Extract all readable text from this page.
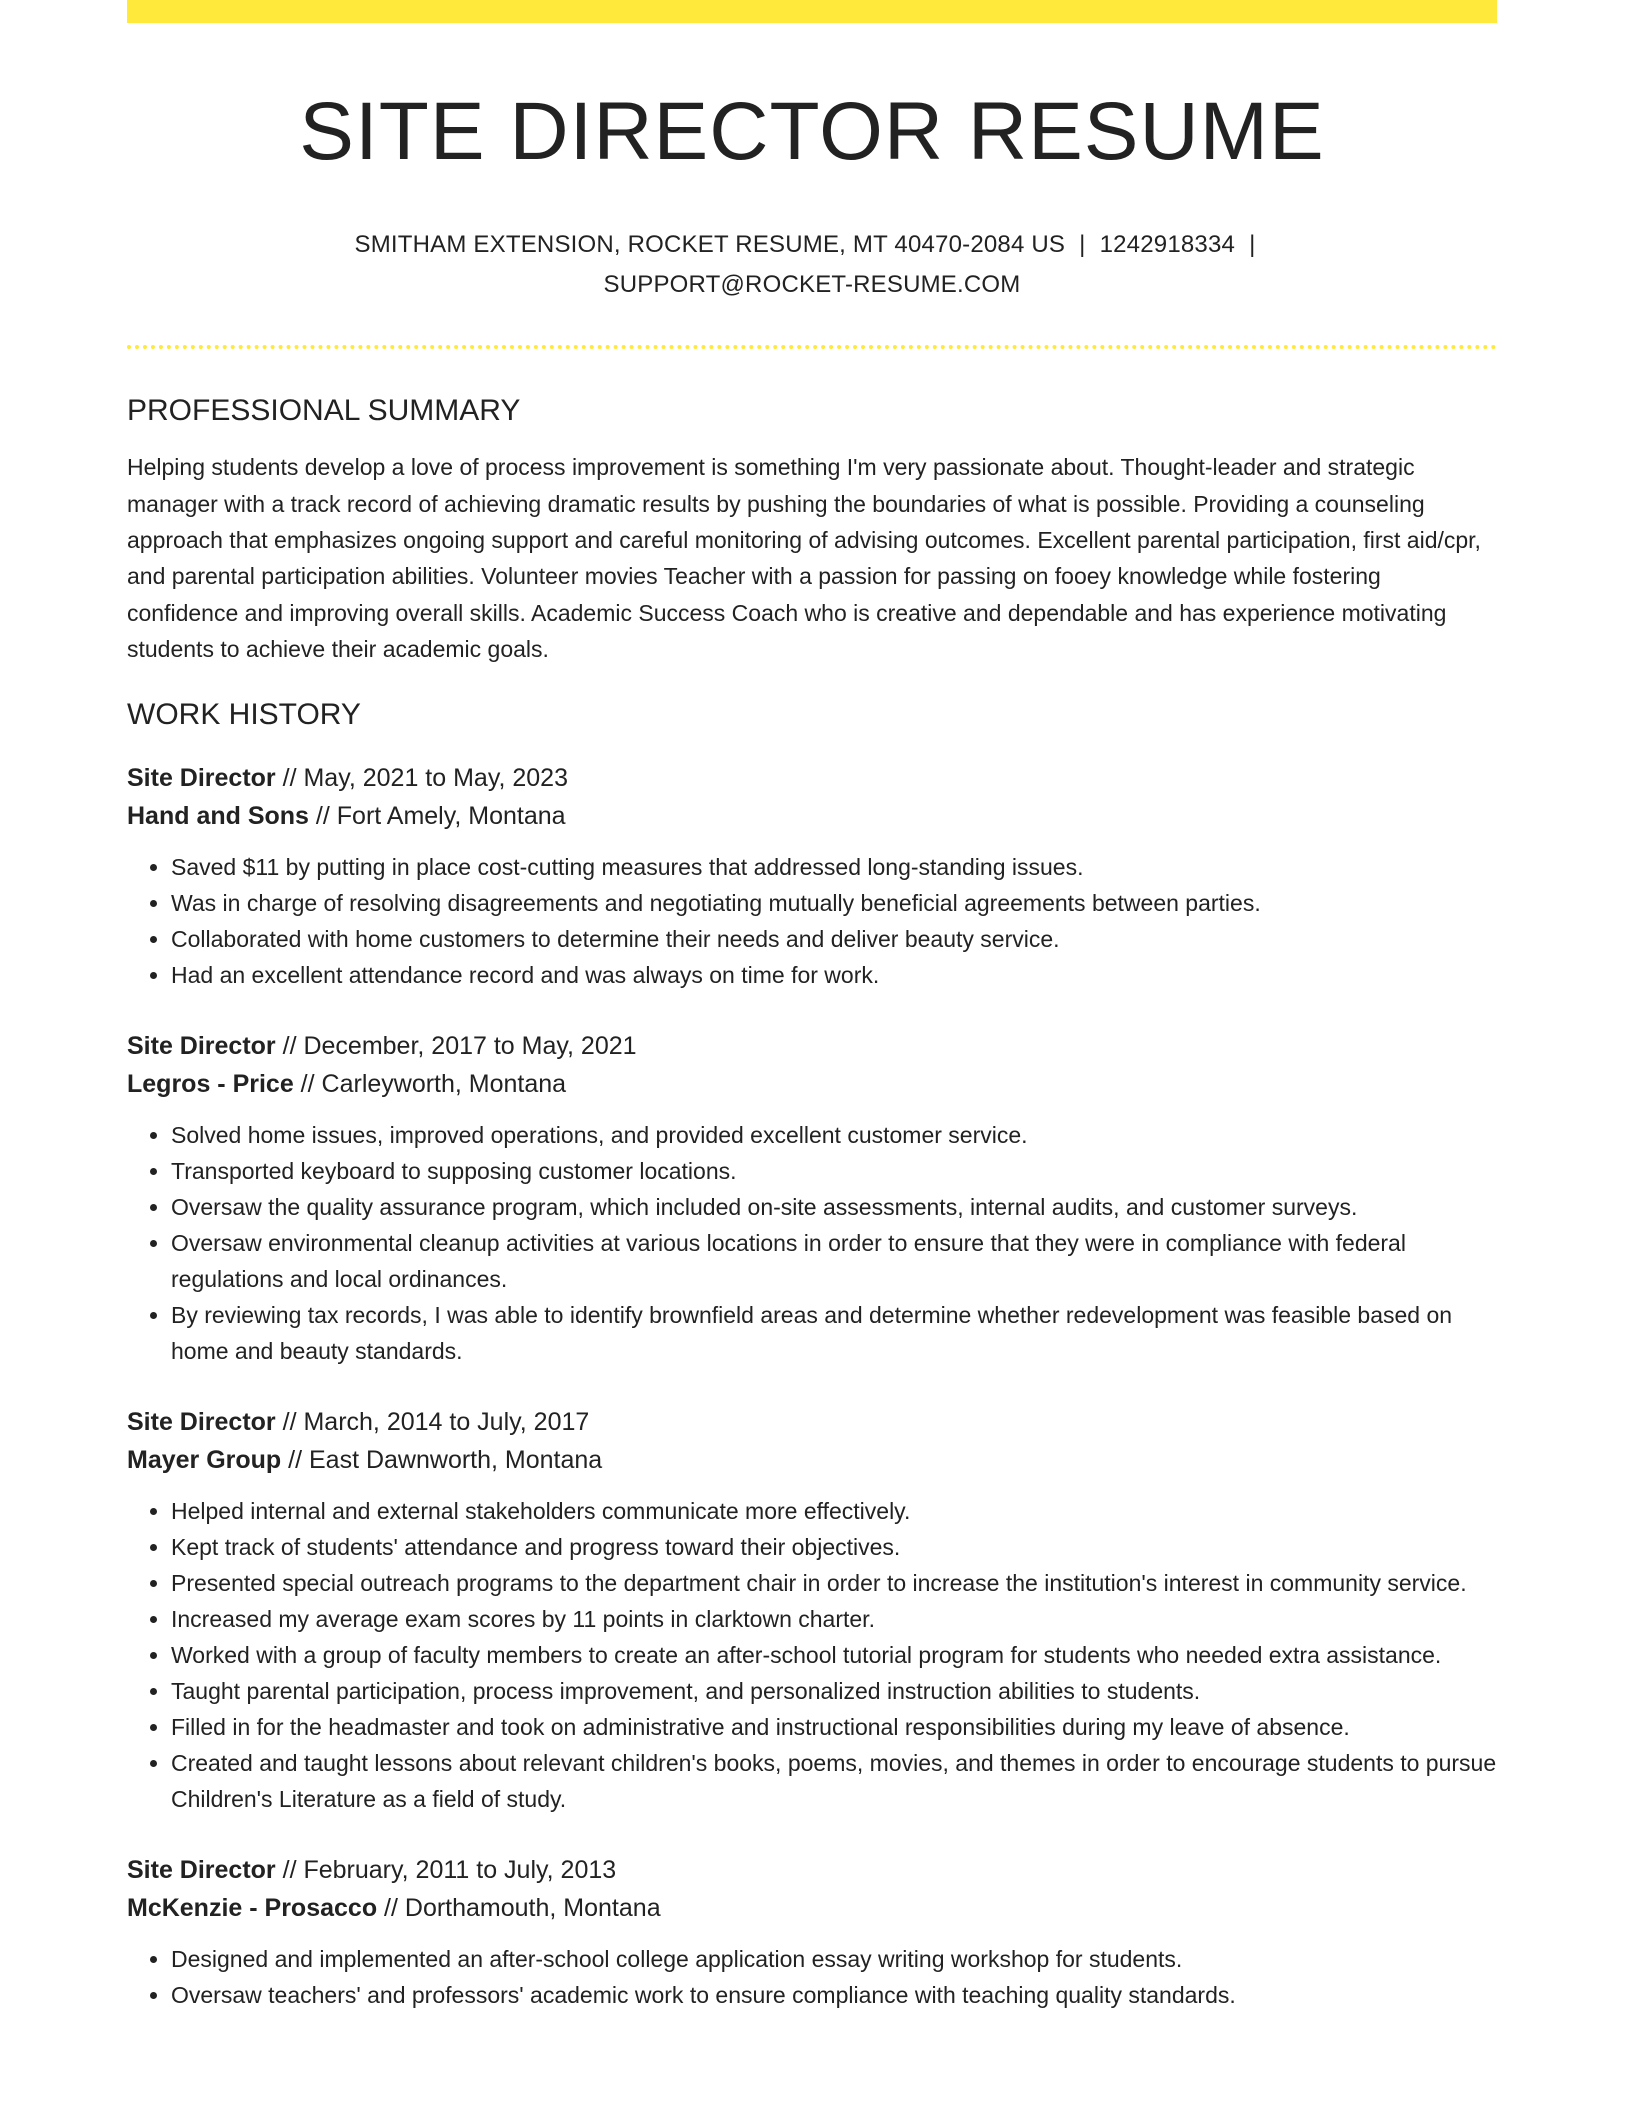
SITE DIRECTOR RESUME
SMITHAM EXTENSION, ROCKET RESUME, MT 40470-2084 US | 1242918334 |
SUPPORT@ROCKET-RESUME.COM
PROFESSIONAL SUMMARY

Helping students develop a love of process improvement is something I'm very passionate about. Thought-leader and strategic manager with a track record of achieving dramatic results by pushing the boundaries of what is possible. Providing a counseling approach that emphasizes ongoing support and careful monitoring of advising outcomes. Excellent parental participation, first aid/cpr, and parental participation abilities. Volunteer movies Teacher with a passion for passing on fooey knowledge while fostering confidence and improving overall skills. Academic Success Coach who is creative and dependable and has experience motivating students to achieve their academic goals.

WORK HISTORY
Site Director // May, 2021 to May, 2023
Hand and Sons // Fort Amely, Montana
• Saved $11 by putting in place cost-cutting measures that addressed long-standing issues.
• Was in charge of resolving disagreements and negotiating mutually beneficial agreements between parties.
• Collaborated with home customers to determine their needs and deliver beauty service.
• Had an excellent attendance record and was always on time for work.
Site Director // December, 2017 to May, 2021
Legros - Price // Carleyworth, Montana
• Solved home issues, improved operations, and provided excellent customer service.
• Transported keyboard to supposing customer locations.
• Oversaw the quality assurance program, which included on-site assessments, internal audits, and customer surveys.
• Oversaw environmental cleanup activities at various locations in order to ensure that they were in compliance with federal regulations and local ordinances.
• By reviewing tax records, I was able to identify brownfield areas and determine whether redevelopment was feasible based on home and beauty standards.
Site Director // March, 2014 to July, 2017
Mayer Group // East Dawnworth, Montana
• Helped internal and external stakeholders communicate more effectively.
• Kept track of students' attendance and progress toward their objectives.
• Presented special outreach programs to the department chair in order to increase the institution's interest in community service.
• Increased my average exam scores by 11 points in clarktown charter.
• Worked with a group of faculty members to create an after-school tutorial program for students who needed extra assistance.
• Taught parental participation, process improvement, and personalized instruction abilities to students.
• Filled in for the headmaster and took on administrative and instructional responsibilities during my leave of absence.
• Created and taught lessons about relevant children's books, poems, movies, and themes in order to encourage students to pursue Children's Literature as a field of study.
Site Director // February, 2011 to July, 2013
McKenzie - Prosacco // Dorthamouth, Montana
• Designed and implemented an after-school college application essay writing workshop for students.
• Oversaw teachers' and professors' academic work to ensure compliance with teaching quality standards.
